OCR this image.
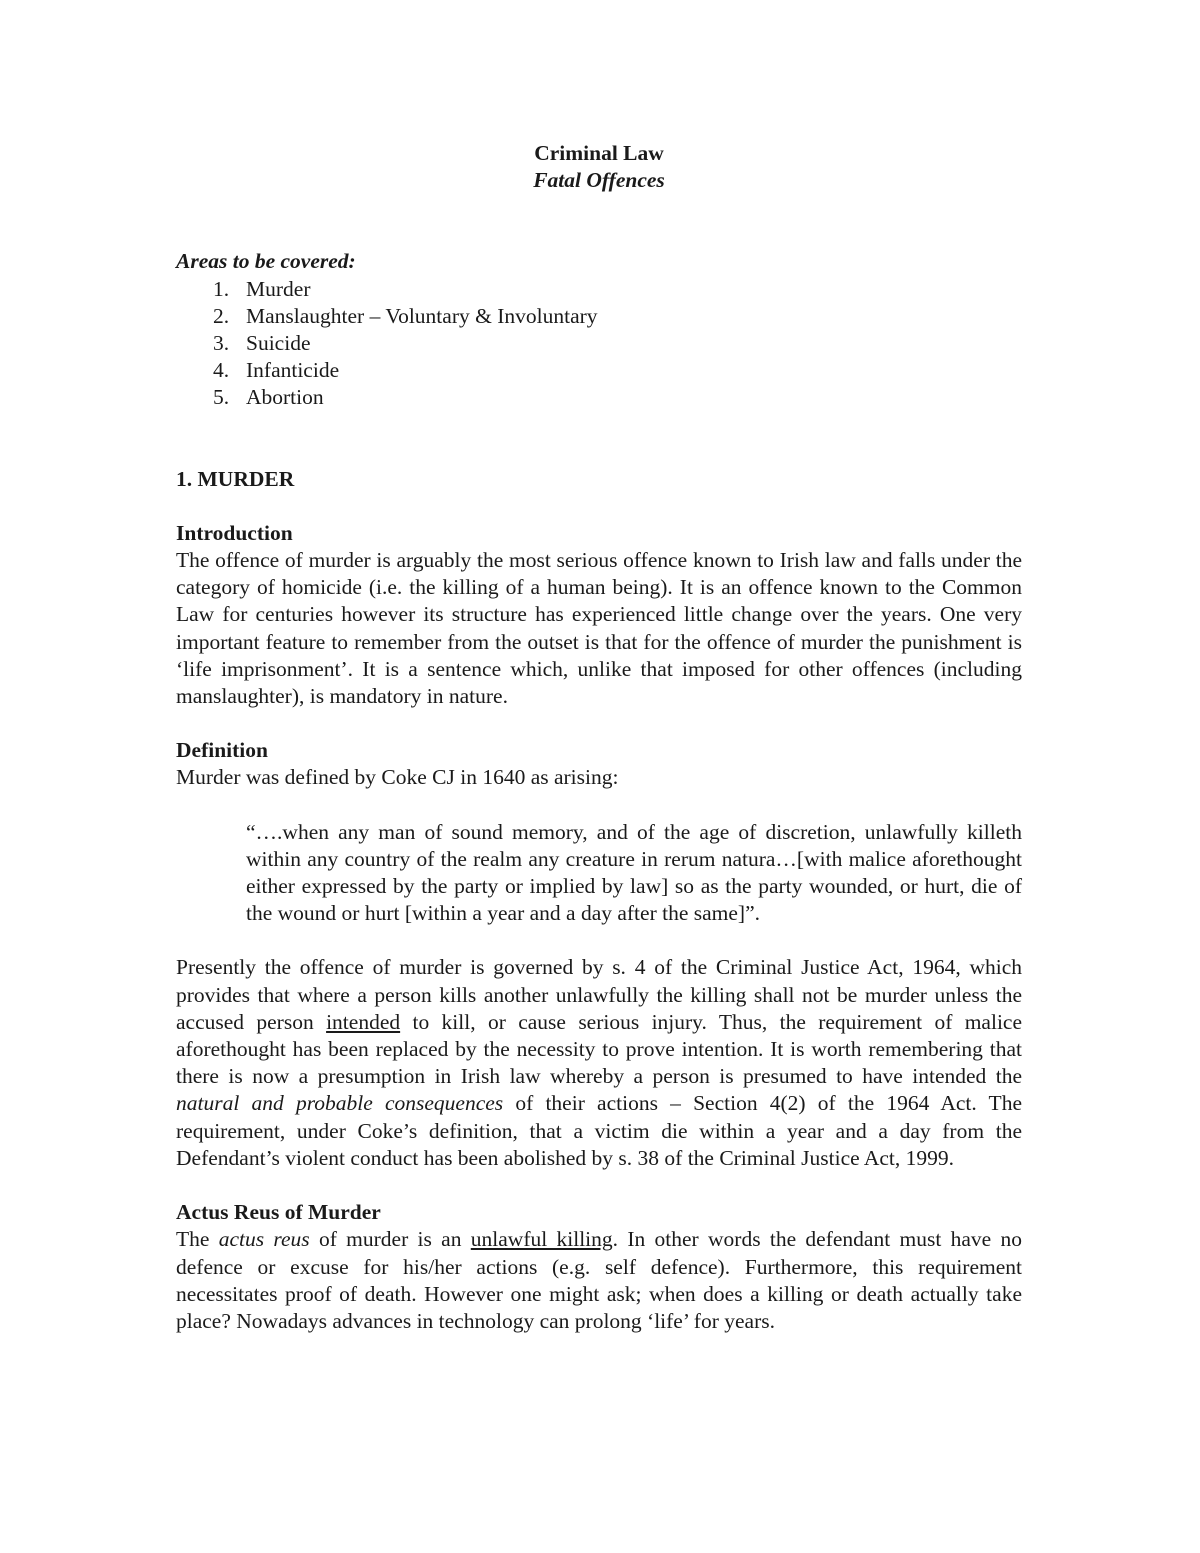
Criminal Law
Fatal Offences
Areas to be covered:
1. Murder
2. Manslaughter – Voluntary & Involuntary
3. Suicide
4. Infanticide
5. Abortion
1. MURDER
Introduction

The offence of murder is arguably the most serious offence known to Irish law and falls under the category of homicide (i.e. the killing of a human being). It is an offence known to the Common Law for centuries however its structure has experienced little change over the years. One very important feature to remember from the outset is that for the offence of murder the punishment is ‘life imprisonment’. It is a sentence which, unlike that imposed for other offences (including manslaughter), is mandatory in nature.

Definition

Murder was defined by Coke CJ in 1640 as arising:

“….when any man of sound memory, and of the age of discretion, unlawfully killeth within any country of the realm any creature in rerum natura…[with malice aforethought either expressed by the party or implied by law] so as the party wounded, or hurt, die of the wound or hurt [within a year and a day after the same]”.

Presently the offence of murder is governed by s. 4 of the Criminal Justice Act, 1964, which provides that where a person kills another unlawfully the killing shall not be murder unless the accused person intended to kill, or cause serious injury. Thus, the requirement of malice aforethought has been replaced by the necessity to prove intention. It is worth remembering that there is now a presumption in Irish law whereby a person is presumed to have intended the natural and probable consequences of their actions – Section 4(2) of the 1964 Act. The requirement, under Coke’s definition, that a victim die within a year and a day from the Defendant’s violent conduct has been abolished by s. 38 of the Criminal Justice Act, 1999.

Actus Reus of Murder

The actus reus of murder is an unlawful killing. In other words the defendant must have no defence or excuse for his/her actions (e.g. self defence). Furthermore, this requirement necessitates proof of death. However one might ask; when does a killing or death actually take place? Nowadays advances in technology can prolong ‘life’ for years.
